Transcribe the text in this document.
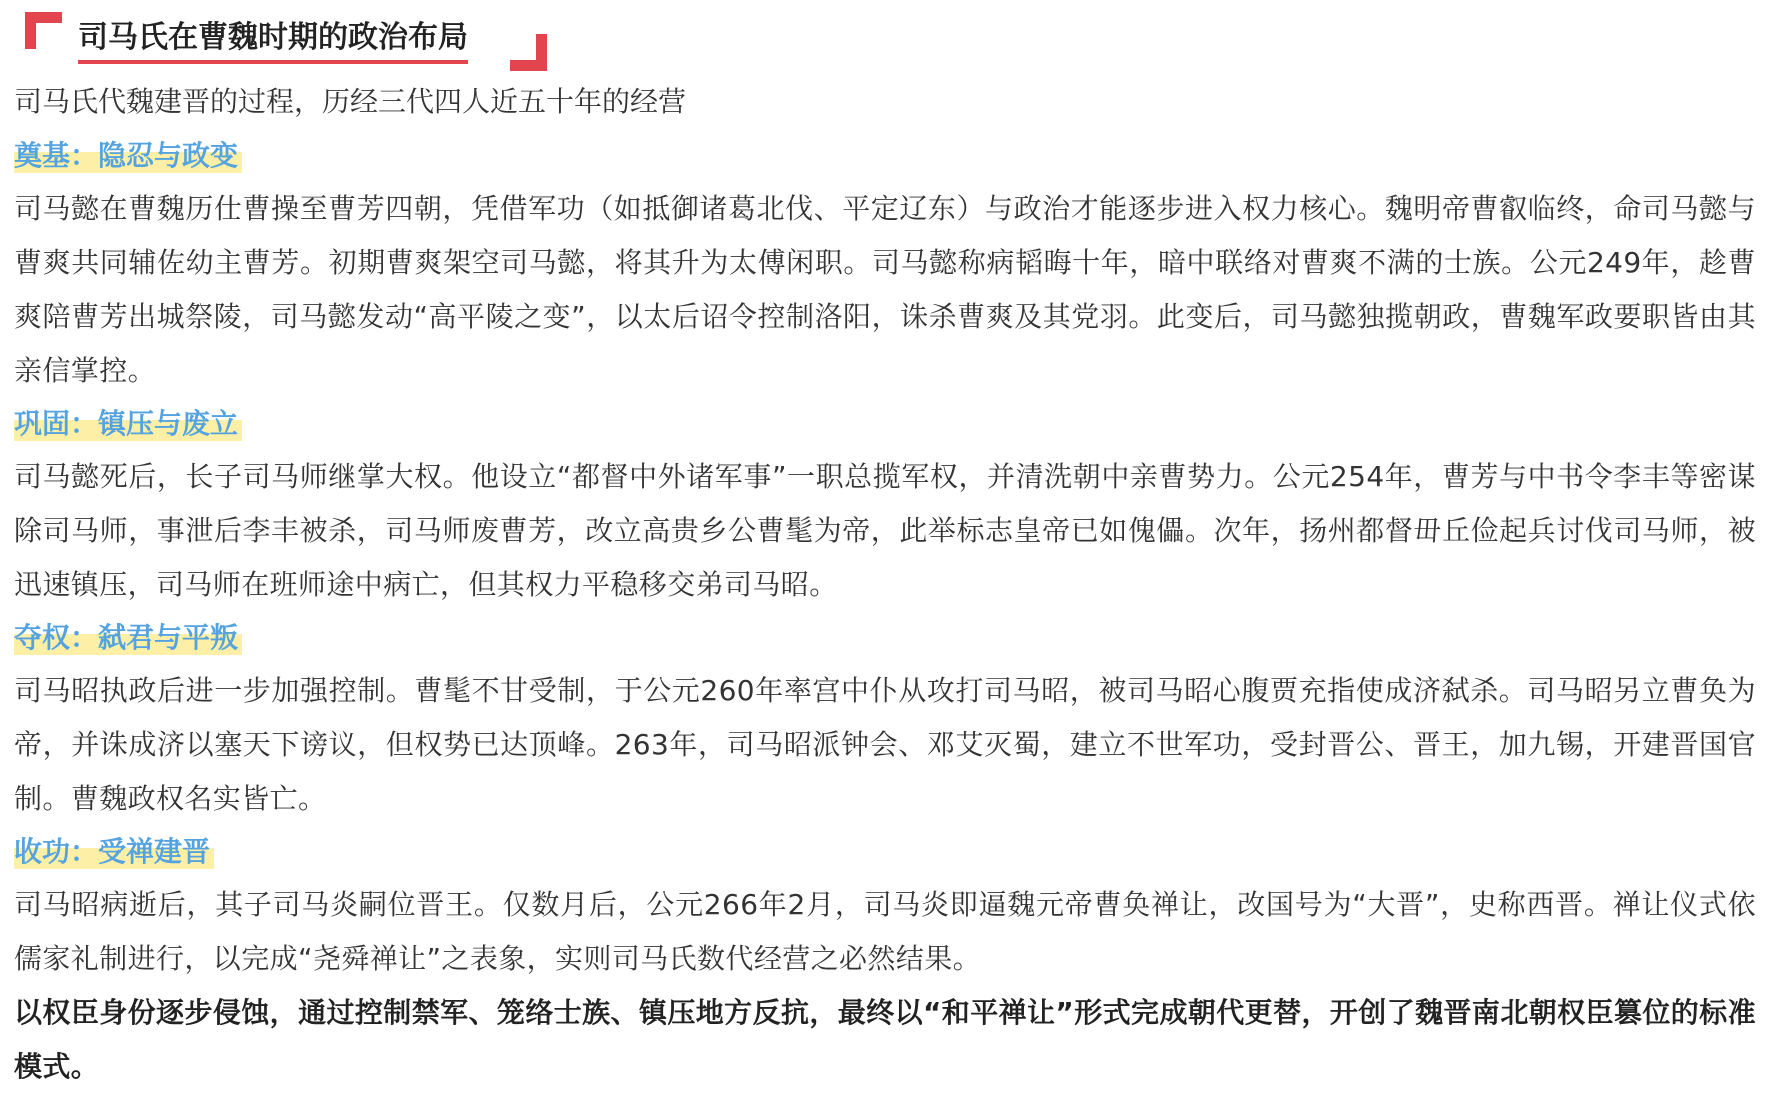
司马氏在曹魏时期的政治布局

司马氏代魏建晋的过程，历经三代四人近五十年的经营

奠基：隐忍与政变

司马懿在曹魏历仕曹操至曹芳四朝，凭借军功（如抵御诸葛北伐、平定辽东）与政治才能逐步进入权力核心。魏明帝曹叡临终，命司马懿与曹爽共同辅佐幼主曹芳。初期曹爽架空司马懿，将其升为太傅闲职。司马懿称病韬晦十年，暗中联络对曹爽不满的士族。公元249年，趁曹爽陪曹芳出城祭陵，司马懿发动“高平陵之变”，以太后诏令控制洛阳，诛杀曹爽及其党羽。此变后，司马懿独揽朝政，曹魏军政要职皆由其亲信掌控。

巩固：镇压与废立

司马懿死后，长子司马师继掌大权。他设立“都督中外诸军事”一职总揽军权，并清洗朝中亲曹势力。公元254年，曹芳与中书令李丰等密谋除司马师，事泄后李丰被杀，司马师废曹芳，改立高贵乡公曹髦为帝，此举标志皇帝已如傀儡。次年，扬州都督毌丘俭起兵讨伐司马师，被迅速镇压，司马师在班师途中病亡，但其权力平稳移交弟司马昭。

夺权：弑君与平叛

司马昭执政后进一步加强控制。曹髦不甘受制，于公元260年率宫中仆从攻打司马昭，被司马昭心腹贾充指使成济弑杀。司马昭另立曹奂为帝，并诛成济以塞天下谤议，但权势已达顶峰。263年，司马昭派钟会、邓艾灭蜀，建立不世军功，受封晋公、晋王，加九锡，开建晋国官制。曹魏政权名实皆亡。

收功：受禅建晋

司马昭病逝后，其子司马炎嗣位晋王。仅数月后，公元266年2月，司马炎即逼魏元帝曹奂禅让，改国号为“大晋”，史称西晋。禅让仪式依儒家礼制进行，以完成“尧舜禅让”之表象，实则司马氏数代经营之必然结果。

以权臣身份逐步侵蚀，通过控制禁军、笼络士族、镇压地方反抗，最终以“和平禅让”形式完成朝代更替，开创了魏晋南北朝权臣篡位的标准模式。
